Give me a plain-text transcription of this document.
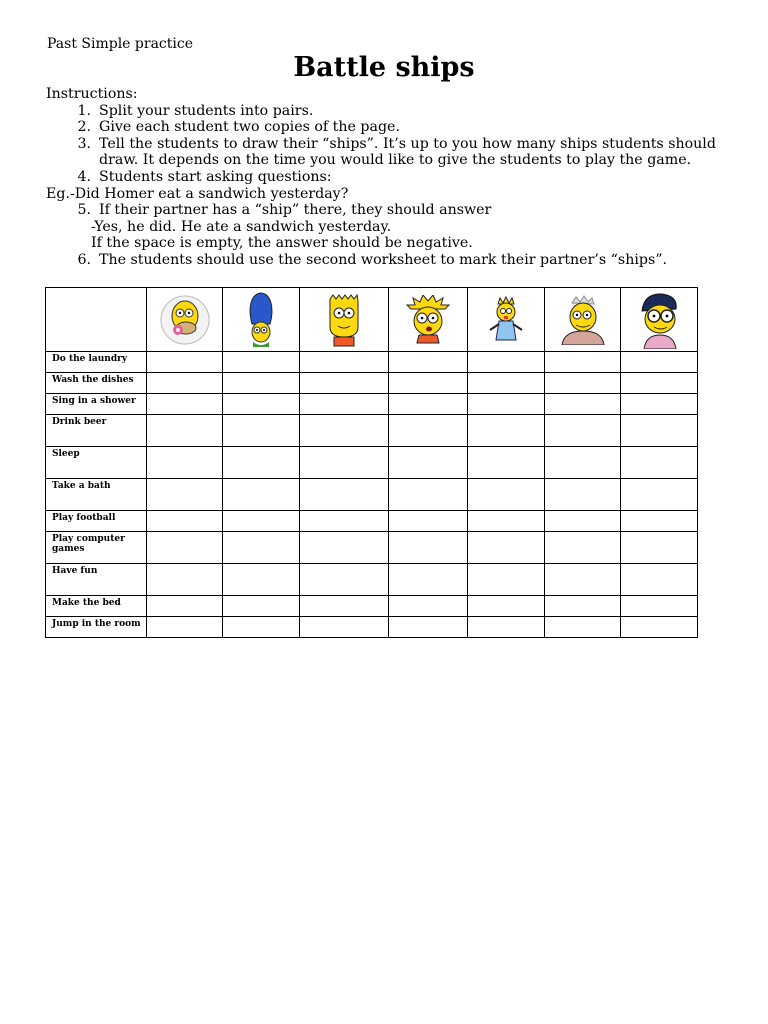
Past Simple practice
Battle ships
Instructions:
1. Split your students into pairs.
2. Give each student two copies of the page.
3. Tell the students to draw their “ships”. It’s up to you how many ships students should draw. It depends on the time you would like to give the students to play the game.
4. Students start asking questions:
Eg.-Did Homer eat a sandwich yesterday?
5. If their partner has a “ship” there, they should answer
-Yes, he did. He ate a sandwich yesterday.
If the space is empty, the answer should be negative.
6. The students should use the second worksheet to mark their partner’s “ships”.

Do the laundry							

Wash the dishes							

Sing in a shower							

Drink beer							

Sleep							

Take a bath							

Play football							

Play computer games							

Have fun							

Make the bed							

Jump in the room							
